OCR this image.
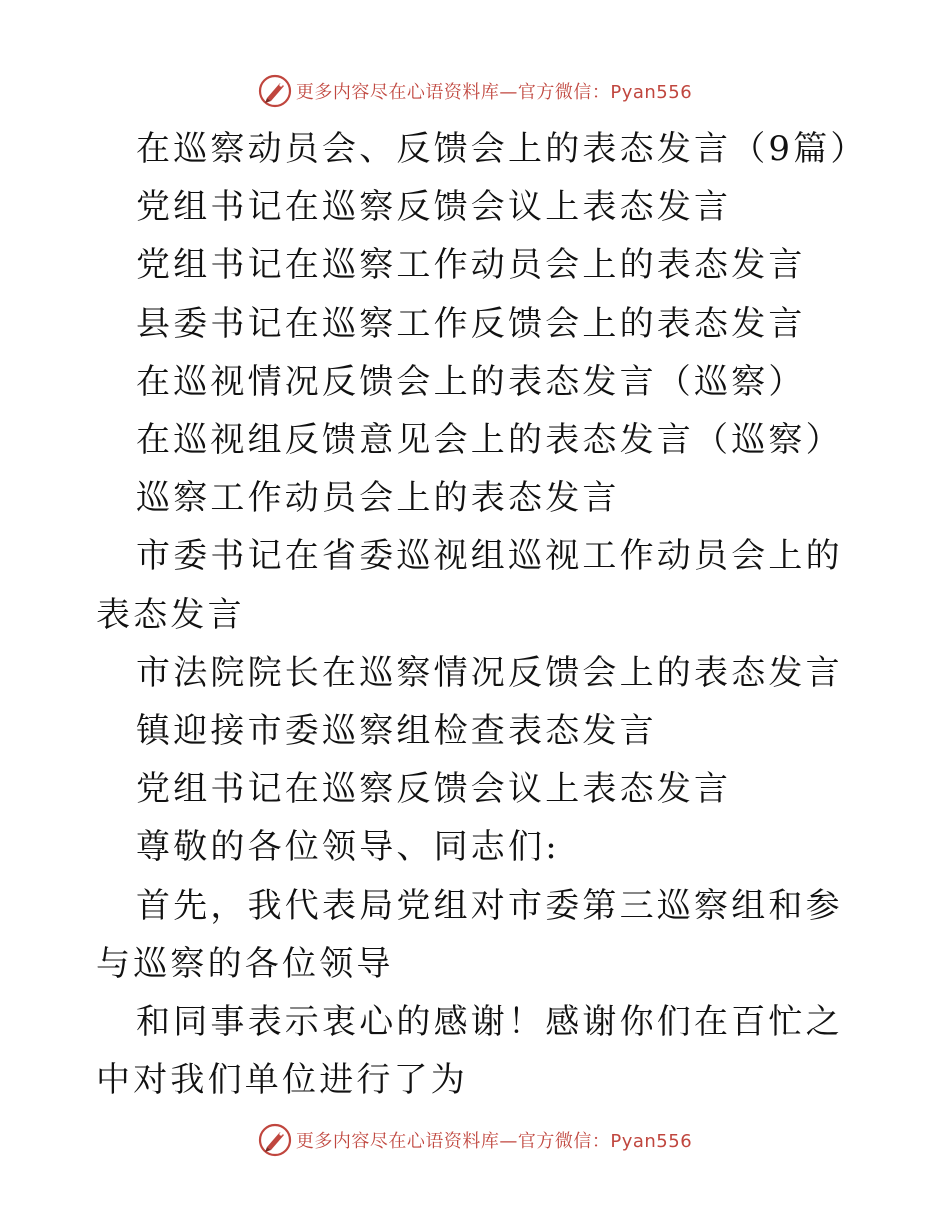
更多内容尽在心语资料库—官方微信：Pyan556

在巡察动员会、反馈会上的表态发言（9篇）

党组书记在巡察反馈会议上表态发言

党组书记在巡察工作动员会上的表态发言

县委书记在巡察工作反馈会上的表态发言

在巡视情况反馈会上的表态发言（巡察）

在巡视组反馈意见会上的表态发言（巡察）

巡察工作动员会上的表态发言

市委书记在省委巡视组巡视工作动员会上的表态发言

市法院院长在巡察情况反馈会上的表态发言

镇迎接市委巡察组检查表态发言

党组书记在巡察反馈会议上表态发言

尊敬的各位领导、同志们:

首先，我代表局党组对市委第三巡察组和参与巡察的各位领导

和同事表示衷心的感谢！感谢你们在百忙之中对我们单位进行了为

更多内容尽在心语资料库—官方微信：Pyan556
